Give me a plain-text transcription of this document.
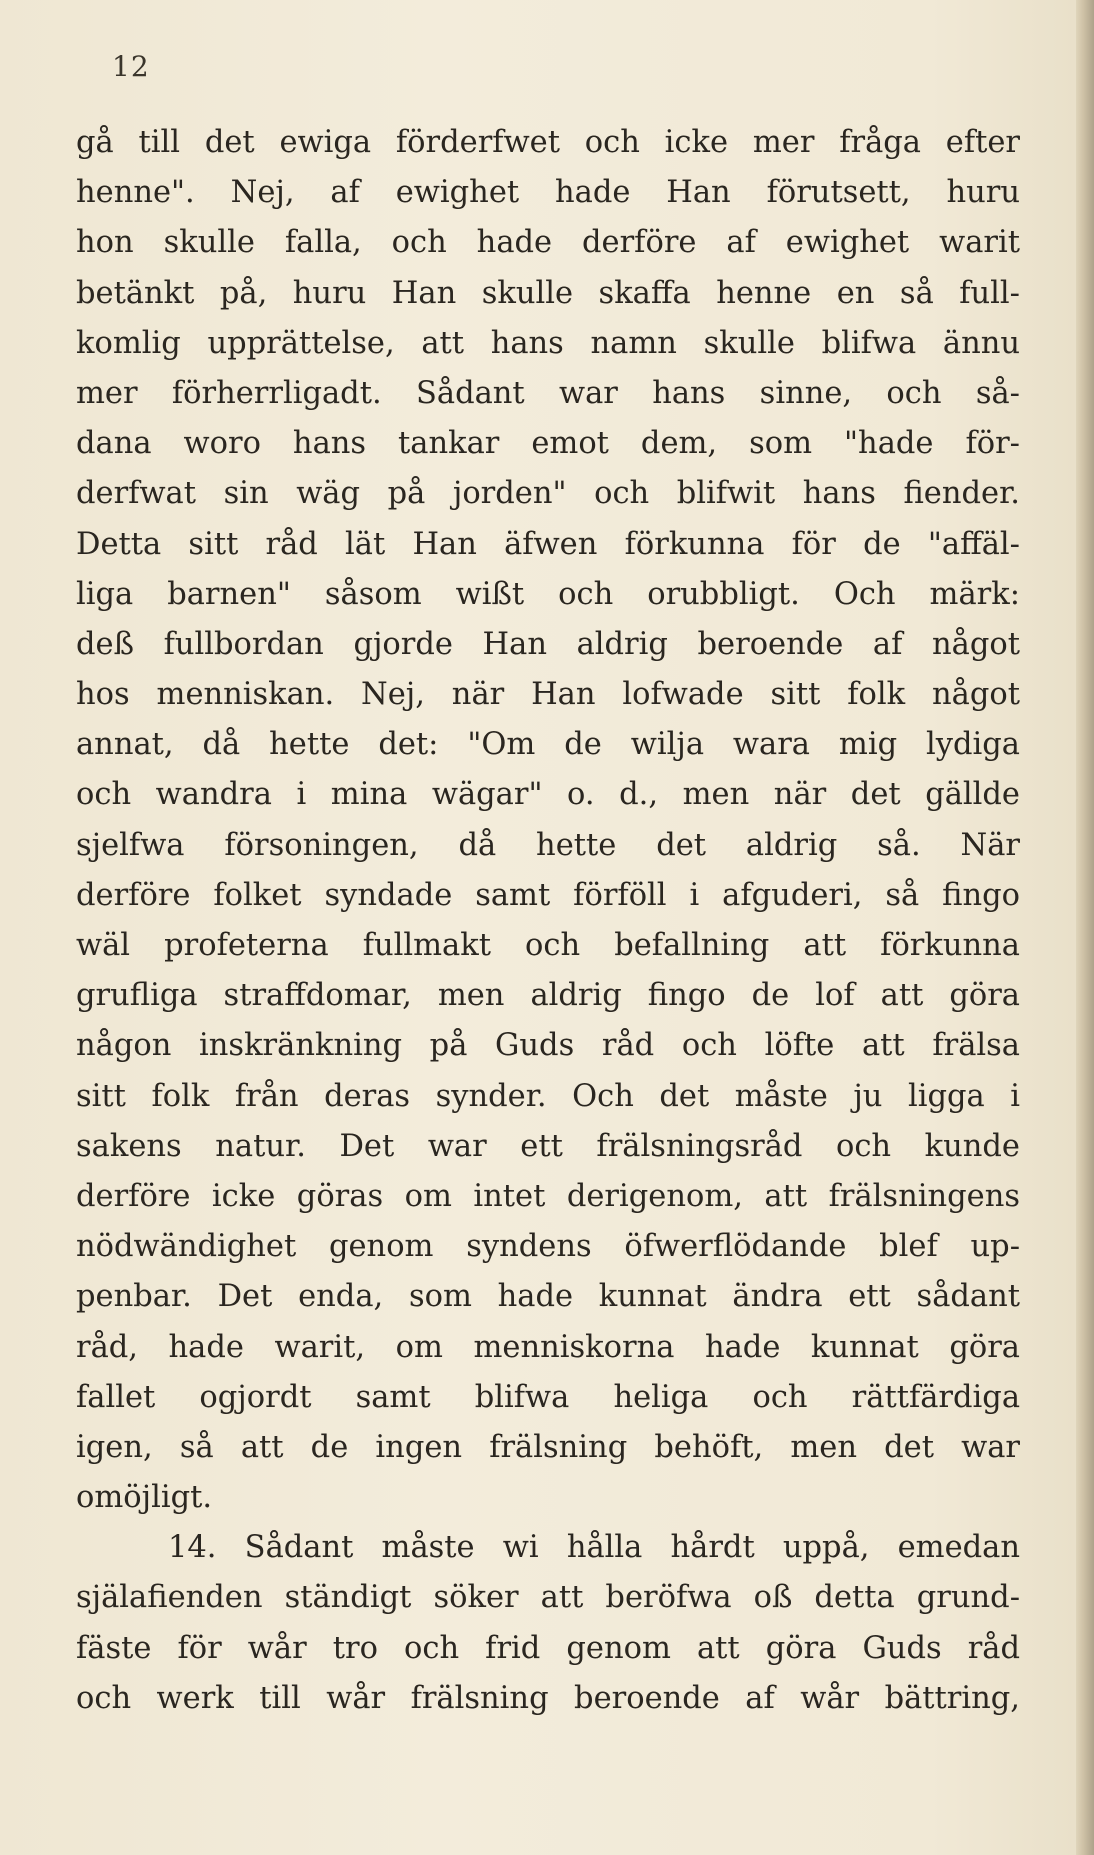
12
gå till det ewiga förderfwet och icke mer fråga efter
henne". Nej, af ewighet hade Han förutsett, huru
hon skulle falla, och hade derföre af ewighet warit
betänkt på, huru Han skulle skaffa henne en så full-
komlig upprättelse, att hans namn skulle blifwa ännu
mer förherrligadt. Sådant war hans sinne, och så-
dana woro hans tankar emot dem, som "hade för-
derfwat sin wäg på jorden" och blifwit hans fiender.
Detta sitt råd lät Han äfwen förkunna för de "affäl-
liga barnen" såsom wißt och orubbligt. Och märk:
deß fullbordan gjorde Han aldrig beroende af något
hos menniskan. Nej, när Han lofwade sitt folk något
annat, då hette det: "Om de wilja wara mig lydiga
och wandra i mina wägar" o. d., men när det gällde
sjelfwa försoningen, då hette det aldrig så. När
derföre folket syndade samt förföll i afguderi, så fingo
wäl profeterna fullmakt och befallning att förkunna
grufliga straffdomar, men aldrig fingo de lof att göra
någon inskränkning på Guds råd och löfte att frälsa
sitt folk från deras synder. Och det måste ju ligga i
sakens natur. Det war ett frälsningsråd och kunde
derföre icke göras om intet derigenom, att frälsningens
nödwändighet genom syndens öfwerflödande blef up-
penbar. Det enda, som hade kunnat ändra ett sådant
råd, hade warit, om menniskorna hade kunnat göra
fallet ogjordt samt blifwa heliga och rättfärdiga
igen, så att de ingen frälsning behöft, men det war
omöjligt.
14. Sådant måste wi hålla hårdt uppå, emedan
själafienden ständigt söker att beröfwa oß detta grund-
fäste för wår tro och frid genom att göra Guds råd
och werk till wår frälsning beroende af wår bättring,
